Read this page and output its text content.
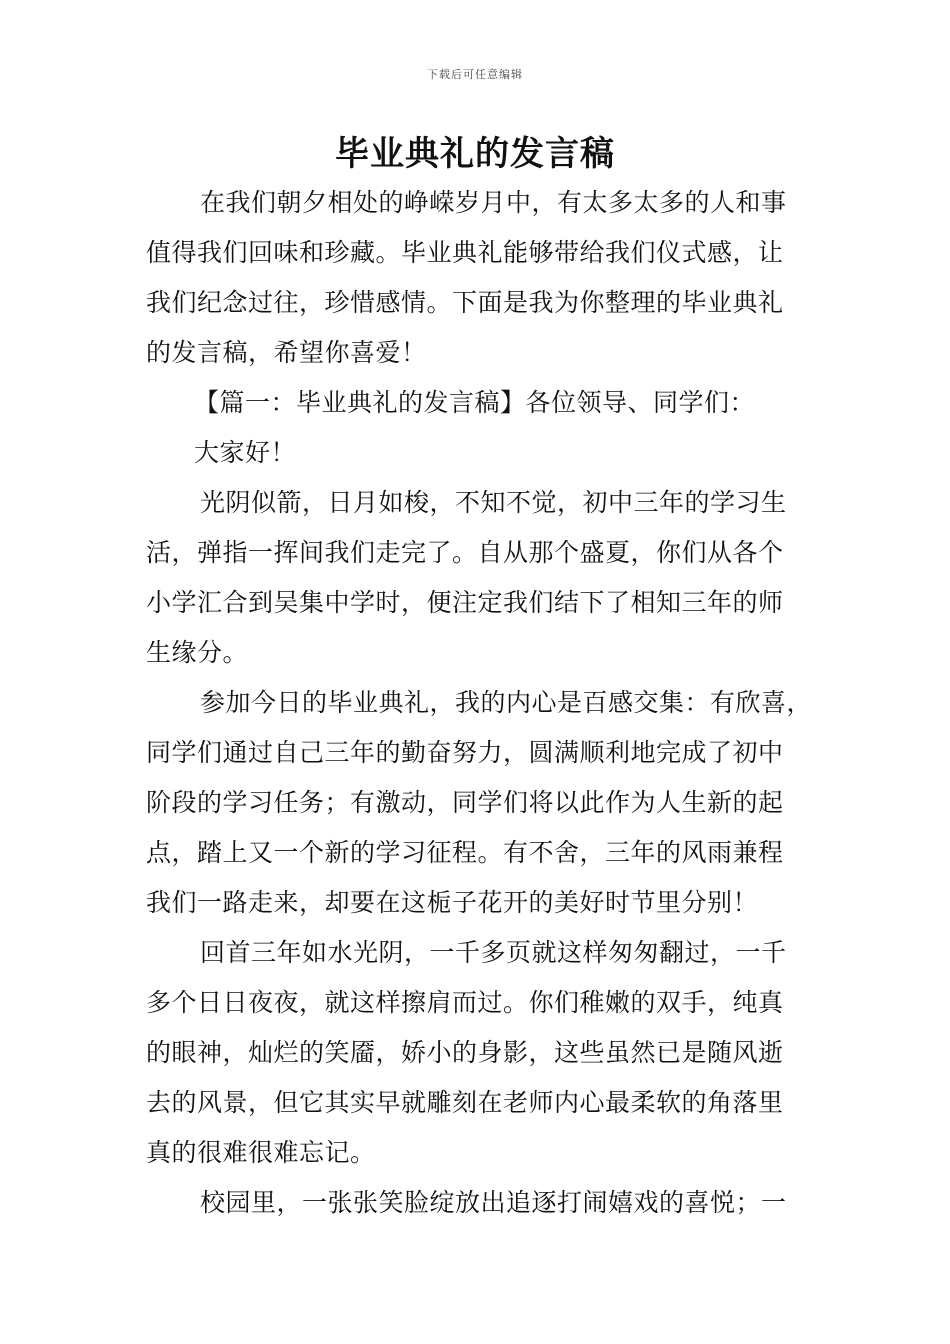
下载后可任意编辑
毕业典礼的发言稿
在我们朝夕相处的峥嵘岁月中，有太多太多的人和事
值得我们回味和珍藏。毕业典礼能够带给我们仪式感，让
我们纪念过往，珍惜感情。下面是我为你整理的毕业典礼
的发言稿，希望你喜爱！
【篇一：毕业典礼的发言稿】各位领导、同学们：
大家好！
光阴似箭，日月如梭，不知不觉，初中三年的学习生
活，弹指一挥间我们走完了。自从那个盛夏，你们从各个
小学汇合到吴集中学时，便注定我们结下了相知三年的师
生缘分。
参加今日的毕业典礼，我的内心是百感交集：有欣喜，
同学们通过自己三年的勤奋努力，圆满顺利地完成了初中
阶段的学习任务；有激动，同学们将以此作为人生新的起
点，踏上又一个新的学习征程。有不舍，三年的风雨兼程
我们一路走来，却要在这栀子花开的美好时节里分别！
回首三年如水光阴，一千多页就这样匆匆翻过，一千
多个日日夜夜，就这样擦肩而过。你们稚嫩的双手，纯真
的眼神，灿烂的笑靥，娇小的身影，这些虽然已是随风逝
去的风景，但它其实早就雕刻在老师内心最柔软的角落里
真的很难很难忘记。
校园里，一张张笑脸绽放出追逐打闹嬉戏的喜悦；一
